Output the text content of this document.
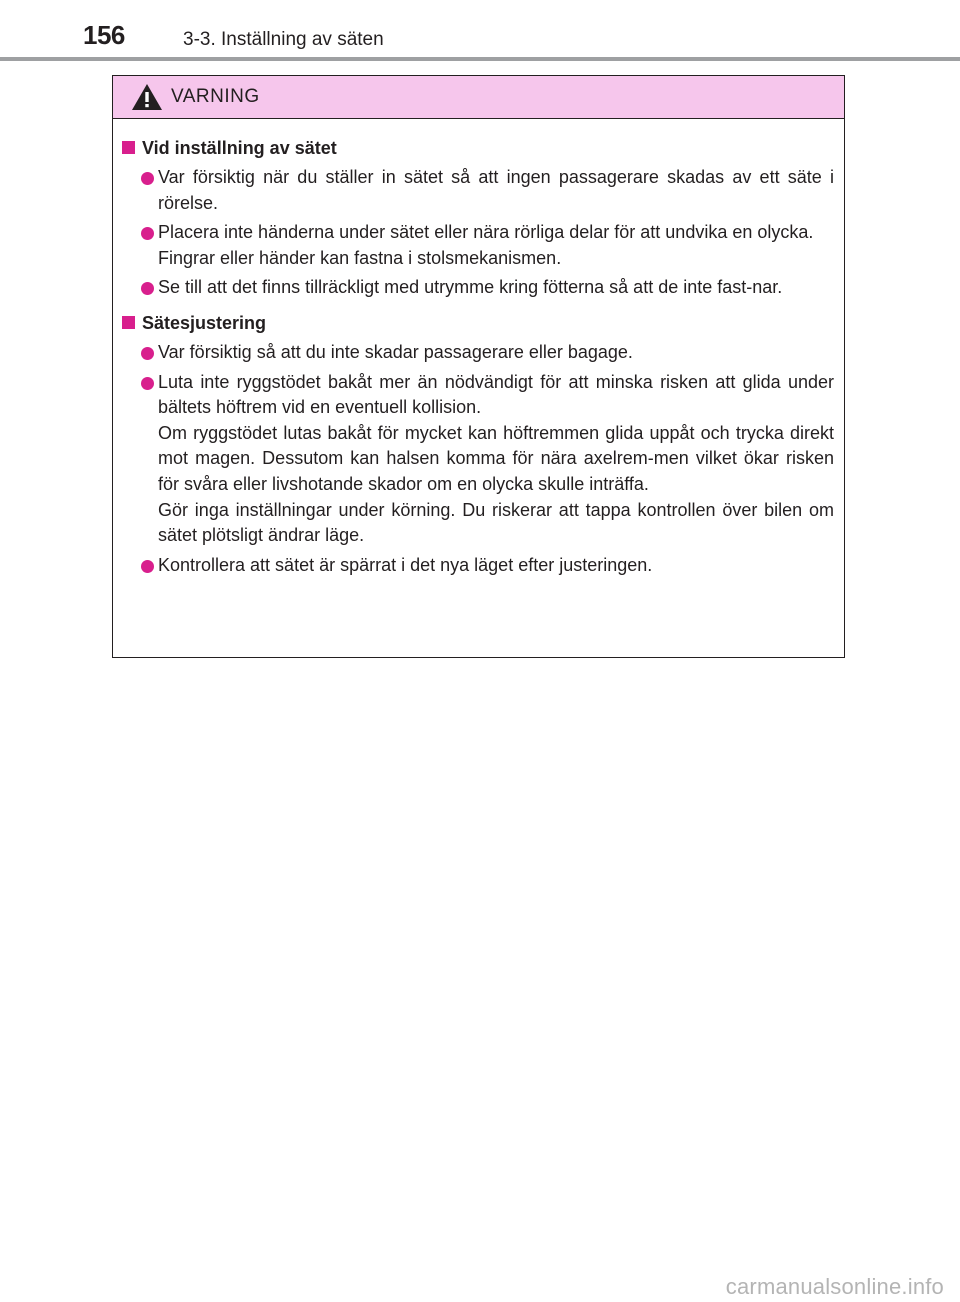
156	3-3. Inställning av säten
VARNING
Vid inställning av sätet
Var försiktig när du ställer in sätet så att ingen passagerare skadas av ett säte i rörelse.
Placera inte händerna under sätet eller nära rörliga delar för att undvika en olycka.
Fingrar eller händer kan fastna i stolsmekanismen.
Se till att det finns tillräckligt med utrymme kring fötterna så att de inte fast-nar.
Sätesjustering
Var försiktig så att du inte skadar passagerare eller bagage.
Luta inte ryggstödet bakåt mer än nödvändigt för att minska risken att glida under bältets höftrem vid en eventuell kollision.
Om ryggstödet lutas bakåt för mycket kan höftremmen glida uppåt och trycka direkt mot magen. Dessutom kan halsen komma för nära axelrem-men vilket ökar risken för svåra eller livshotande skador om en olycka skulle inträffa.
Gör inga inställningar under körning. Du riskerar att tappa kontrollen över bilen om sätet plötsligt ändrar läge.
Kontrollera att sätet är spärrat i det nya läget efter justeringen.
carmanualsonline.info
